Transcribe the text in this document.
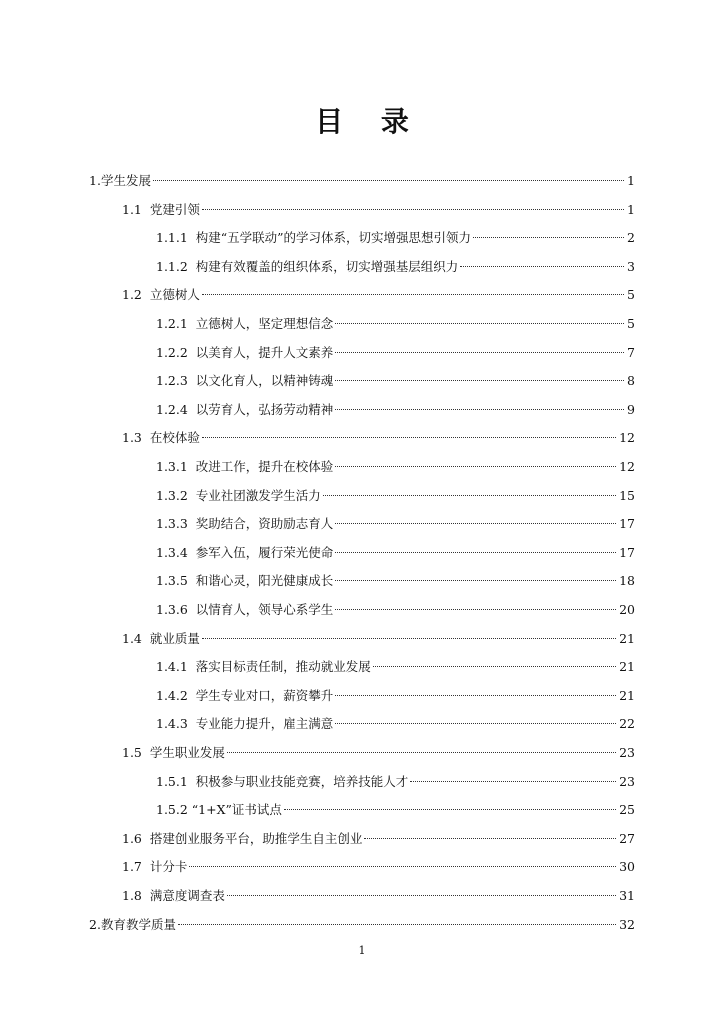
目 录
1. 学生发展	1
1.1 党建引领	1
1.1.1 构建“五学联动”的学习体系，切实增强思想引领力	2
1.1.2 构建有效覆盖的组织体系，切实增强基层组织力	3
1.2 立德树人	5
1.2.1 立德树人，坚定理想信念	5
1.2.2 以美育人，提升人文素养	7
1.2.3 以文化育人，以精神铸魂	8
1.2.4 以劳育人，弘扬劳动精神	9
1.3 在校体验	12
1.3.1 改进工作，提升在校体验	12
1.3.2 专业社团激发学生活力	15
1.3.3 奖助结合，资助励志育人	17
1.3.4 参军入伍，履行荣光使命	17
1.3.5 和谐心灵，阳光健康成长	18
1.3.6 以情育人，领导心系学生	20
1.4 就业质量	21
1.4.1 落实目标责任制，推动就业发展	21
1.4.2 学生专业对口，薪资攀升	21
1.4.3 专业能力提升，雇主满意	22
1.5 学生职业发展	23
1.5.1 积极参与职业技能竞赛，培养技能人才	23
1.5.2 “1+X”证书试点	25
1.6 搭建创业服务平台，助推学生自主创业	27
1.7 计分卡	30
1.8 满意度调查表	31
2. 教育教学质量	32
1
